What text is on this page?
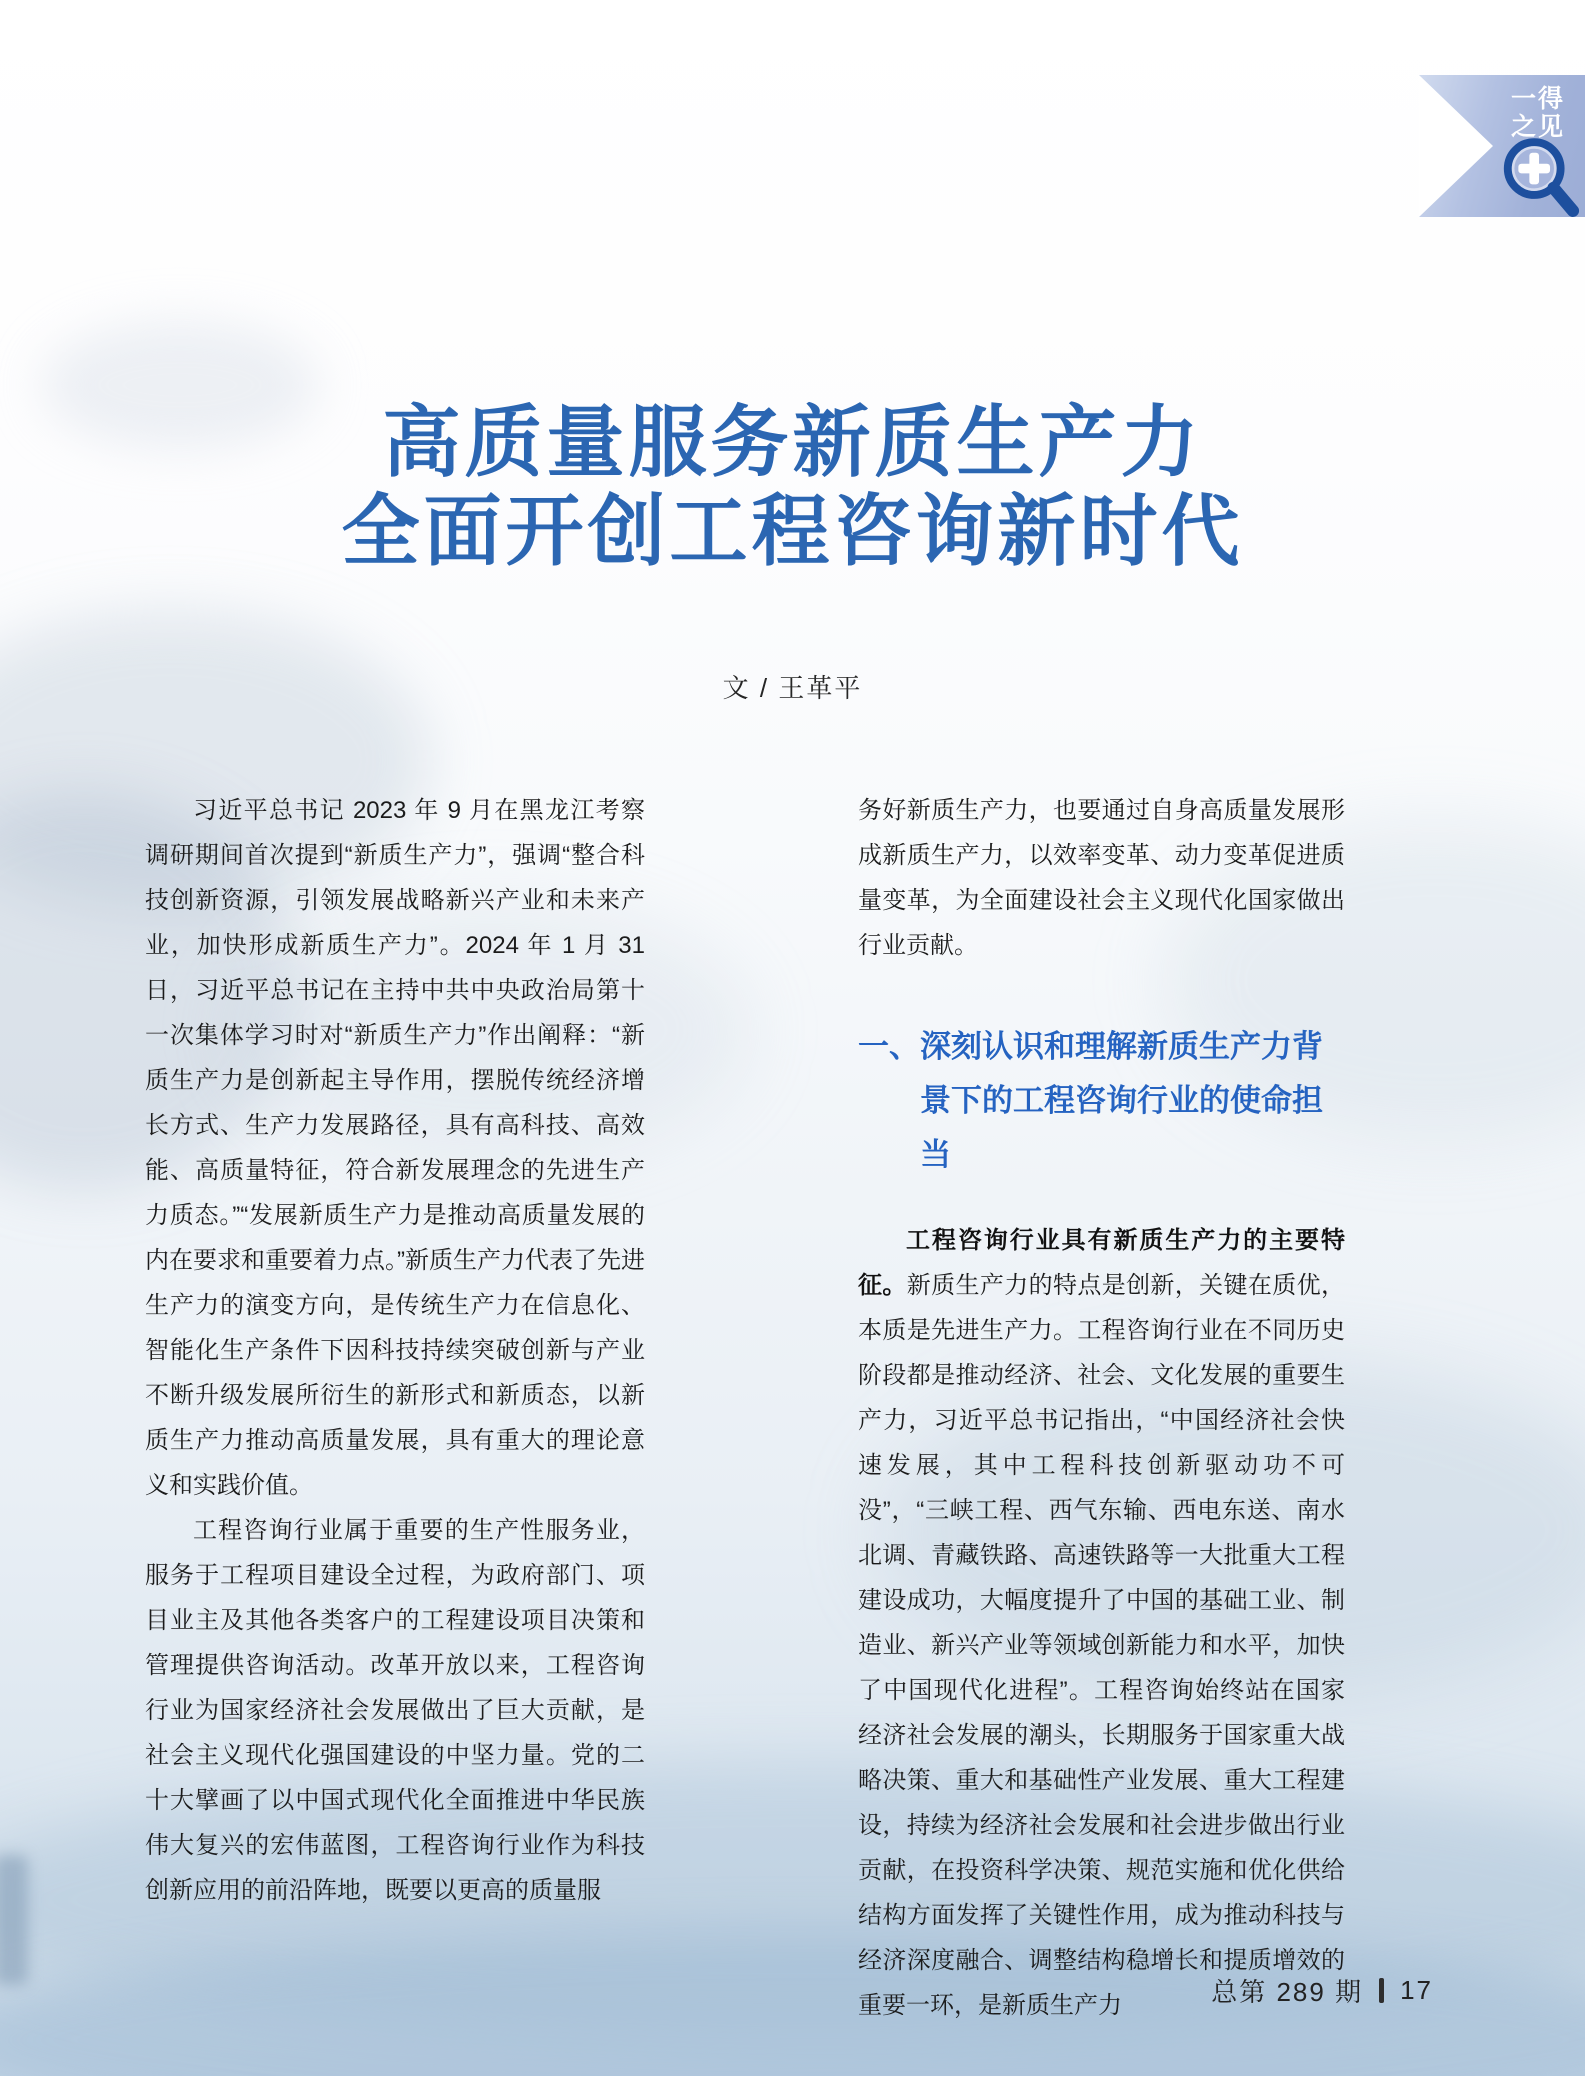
一得
之见
高质量服务新质生产力
全面开创工程咨询新时代
文 / 王革平

习近平总书记 2023 年 9 月在黑龙江考察调研期间首次提到“新质生产力”，强调“整合科技创新资源，引领发展战略新兴产业和未来产业，加快形成新质生产力”。2024 年 1 月 31 日，习近平总书记在主持中共中央政治局第十一次集体学习时对“新质生产力”作出阐释：“新质生产力是创新起主导作用，摆脱传统经济增长方式、生产力发展路径，具有高科技、高效能、高质量特征，符合新发展理念的先进生产力质态。”“发展新质生产力是推动高质量发展的内在要求和重要着力点。”新质生产力代表了先进生产力的演变方向，是传统生产力在信息化、智能化生产条件下因科技持续突破创新与产业不断升级发展所衍生的新形式和新质态，以新质生产力推动高质量发展，具有重大的理论意义和实践价值。

工程咨询行业属于重要的生产性服务业，服务于工程项目建设全过程，为政府部门、项目业主及其他各类客户的工程建设项目决策和管理提供咨询活动。改革开放以来，工程咨询行业为国家经济社会发展做出了巨大贡献，是社会主义现代化强国建设的中坚力量。党的二十大擘画了以中国式现代化全面推进中华民族伟大复兴的宏伟蓝图，工程咨询行业作为科技创新应用的前沿阵地，既要以更高的质量服

务好新质生产力，也要通过自身高质量发展形成新质生产力，以效率变革、动力变革促进质量变革，为全面建设社会主义现代化国家做出行业贡献。

一、深刻认识和理解新质生产力背景下的工程咨询行业的使命担当

工程咨询行业具有新质生产力的主要特征。新质生产力的特点是创新，关键在质优，本质是先进生产力。工程咨询行业在不同历史阶段都是推动经济、社会、文化发展的重要生产力，习近平总书记指出，“中国经济社会快速发展，其中工程科技创新驱动功不可没”，“三峡工程、西气东输、西电东送、南水北调、青藏铁路、高速铁路等一大批重大工程建设成功，大幅度提升了中国的基础工业、制造业、新兴产业等领域创新能力和水平，加快了中国现代化进程”。工程咨询始终站在国家经济社会发展的潮头，长期服务于国家重大战略决策、重大和基础性产业发展、重大工程建设，持续为经济社会发展和社会进步做出行业贡献，在投资科学决策、规范实施和优化供给结构方面发挥了关键性作用，成为推动科技与经济深度融合、调整结构稳增长和提质增效的重要一环，是新质生产力	总第 289 期 17
